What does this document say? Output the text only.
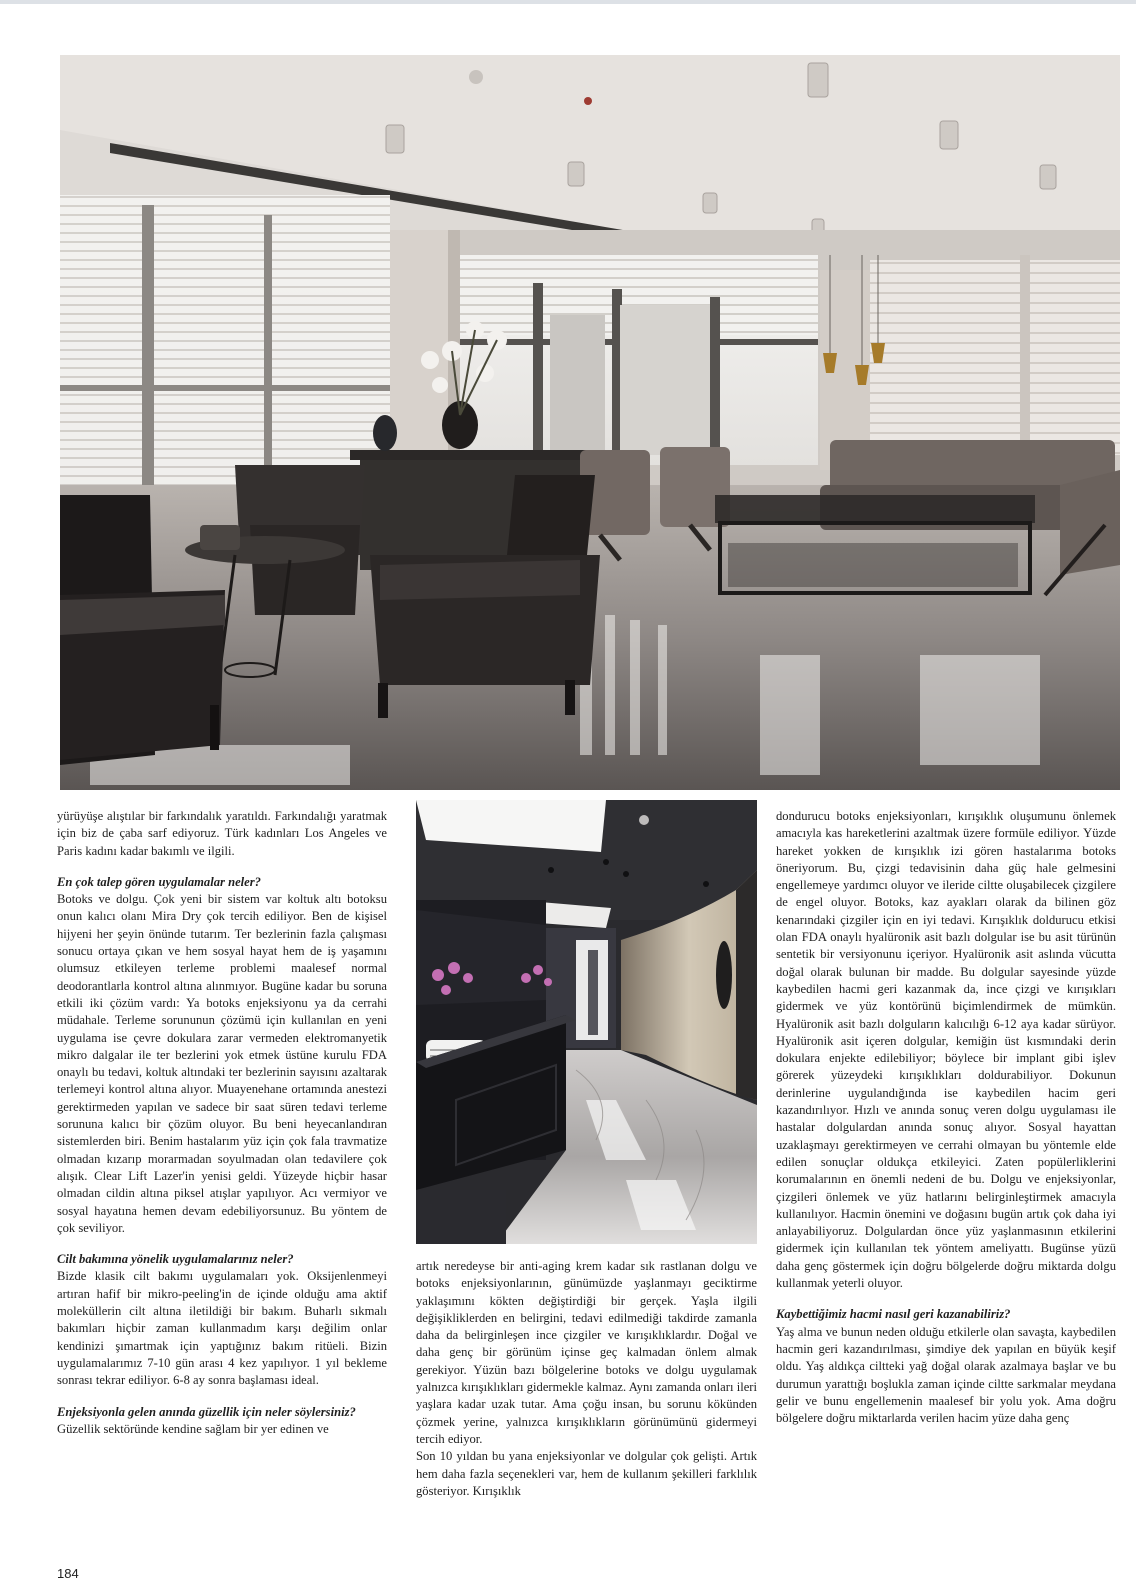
yürüyüşe alıştılar bir farkındalık yaratıldı. Farkındalığı yaratmak için biz de çaba sarf ediyoruz. Türk kadınları Los Angeles ve Paris kadını kadar bakımlı ve ilgili.

En çok talep gören uygulamalar neler?

Botoks ve dolgu. Çok yeni bir sistem var koltuk altı botoksu onun kalıcı olanı Mira Dry çok tercih ediliyor. Ben de kişisel hijyeni her şeyin önünde tutarım. Ter bezlerinin fazla çalışması sonucu ortaya çıkan ve hem sosyal hayat hem de iş yaşamını olumsuz etkileyen terleme problemi maalesef normal deodorantlarla kontrol altına alınmıyor. Bugüne kadar bu soruna etkili iki çözüm vardı: Ya botoks enjeksiyonu ya da cerrahi müdahale. Terleme sorununun çözümü için kullanılan en yeni uygulama ise çevre dokulara zarar vermeden elektromanyetik mikro dalgalar ile ter bezlerini yok etmek üstüne kurulu FDA onaylı bu tedavi, koltuk altındaki ter bezlerinin sayısını azaltarak terlemeyi kontrol altına alıyor. Muayenehane ortamında anestezi gerektirmeden yapılan ve sadece bir saat süren tedavi terleme sorununa kalıcı bir çözüm oluyor. Bu beni heyecanlandıran sistemlerden biri. Benim hastalarım yüz için çok fala travmatize olmadan kızarıp morarmadan soyulmadan olan tedavilere çok alışık. Clear Lift Lazer'in yenisi geldi. Yüzeyde hiçbir hasar olmadan cildin altına piksel atışlar yapılıyor. Acı vermiyor ve sosyal hayatına hemen devam edebiliyorsunuz. Bu yöntem de çok seviliyor.

Cilt bakımına yönelik uygulamalarınız neler?

Bizde klasik cilt bakımı uygulamaları yok. Oksijenlenmeyi artıran hafif bir mikro-peeling'in de içinde olduğu ama aktif moleküllerin cilt altına iletildiği bir bakım. Buharlı sıkmalı bakımları hiçbir zaman kullanmadım karşı değilim onlar kendinizi şımartmak için yaptığınız bakım ritüeli. Bizin uygulamalarımız 7-10 gün arası 4 kez yapılıyor. 1 yıl bekleme sonrası tekrar ediliyor. 6-8 ay sonra başlaması ideal.

Enjeksiyonla gelen anında güzellik için neler söylersiniz?

Güzellik sektöründe kendine sağlam bir yer edinen ve

artık neredeyse bir anti-aging krem kadar sık rastlanan dolgu ve botoks enjeksiyonlarının, günümüzde yaşlanmayı geciktirme yaklaşımını kökten değiştirdiği bir gerçek. Yaşla ilgili değişikliklerden en belirgini, tedavi edilmediği takdirde zamanla daha da belirginleşen ince çizgiler ve kırışıklıklardır. Doğal ve daha genç bir görünüm içinse geç kalmadan önlem almak gerekiyor. Yüzün bazı bölgelerine botoks ve dolgu uygulamak yalnızca kırışıklıkları gidermekle kalmaz. Aynı zamanda onları ileri yaşlara kadar uzak tutar. Ama çoğu insan, bu sorunu kökünden çözmek yerine, yalnızca kırışıklıkların görünümünü gidermeyi tercih ediyor.

Son 10 yıldan bu yana enjeksiyonlar ve dolgular çok gelişti. Artık hem daha fazla seçenekleri var, hem de kullanım şekilleri farklılık gösteriyor. Kırışıklık

dondurucu botoks enjeksiyonları, kırışıklık oluşumunu önlemek amacıyla kas hareketlerini azaltmak üzere formüle ediliyor. Yüzde hareket yokken de kırışıklık izi gören hastalarıma botoks öneriyorum. Bu, çizgi tedavisinin daha güç hale gelmesini engellemeye yardımcı oluyor ve ileride ciltte oluşabilecek çizgilere de engel oluyor. Botoks, kaz ayakları olarak da bilinen göz kenarındaki çizgiler için en iyi tedavi. Kırışıklık doldurucu etkisi olan FDA onaylı hyalüronik asit bazlı dolgular ise bu asit türünün sentetik bir versiyonunu içeriyor. Hyalüronik asit aslında vücutta doğal olarak bulunan bir madde. Bu dolgular sayesinde yüzde kaybedilen hacmi geri kazanmak da, ince çizgi ve kırışıkları gidermek ve yüz kontörünü biçimlendirmek de mümkün. Hyalüronik asit bazlı dolguların kalıcılığı 6-12 aya kadar sürüyor. Hyalüronik asit içeren dolgular, kemiğin üst kısmındaki derin dokulara enjekte edilebiliyor; böylece bir implant gibi işlev görerek yüzeydeki kırışıklıkları doldurabiliyor. Dokunun derinlerine uygulandığında ise kaybedilen hacim geri kazandırılıyor. Hızlı ve anında sonuç veren dolgu uygulaması ile hastalar dolgulardan anında sonuç alıyor. Sosyal hayattan uzaklaşmayı gerektirmeyen ve cerrahi olmayan bu yöntemle elde edilen sonuçlar oldukça etkileyici. Zaten popülerliklerini korumalarının en önemli nedeni de bu. Dolgu ve enjeksiyonlar, çizgileri önlemek ve yüz hatlarını belirginleştirmek amacıyla kullanılıyor. Hacmin önemini ve doğasını bugün artık çok daha iyi anlayabiliyoruz. Dolgulardan önce yüz yaşlanmasının etkilerini gidermek için kullanılan tek yöntem ameliyattı. Bugünse yüzü daha genç göstermek için doğru bölgelerde doğru miktarda dolgu kullanmak yeterli oluyor.

Kaybettiğimiz hacmi nasıl geri kazanabiliriz?

Yaş alma ve bunun neden olduğu etkilerle olan savaşta, kaybedilen hacmin geri kazandırılması, şimdiye dek yapılan en büyük keşif oldu. Yaş aldıkça ciltteki yağ doğal olarak azalmaya başlar ve bu durumun yarattığı boşlukla zaman içinde ciltte sarkmalar meydana gelir ve bunu engellemenin maalesef bir yolu yok. Ama doğru bölgelere doğru miktarlarda verilen hacim yüze daha genç

184
